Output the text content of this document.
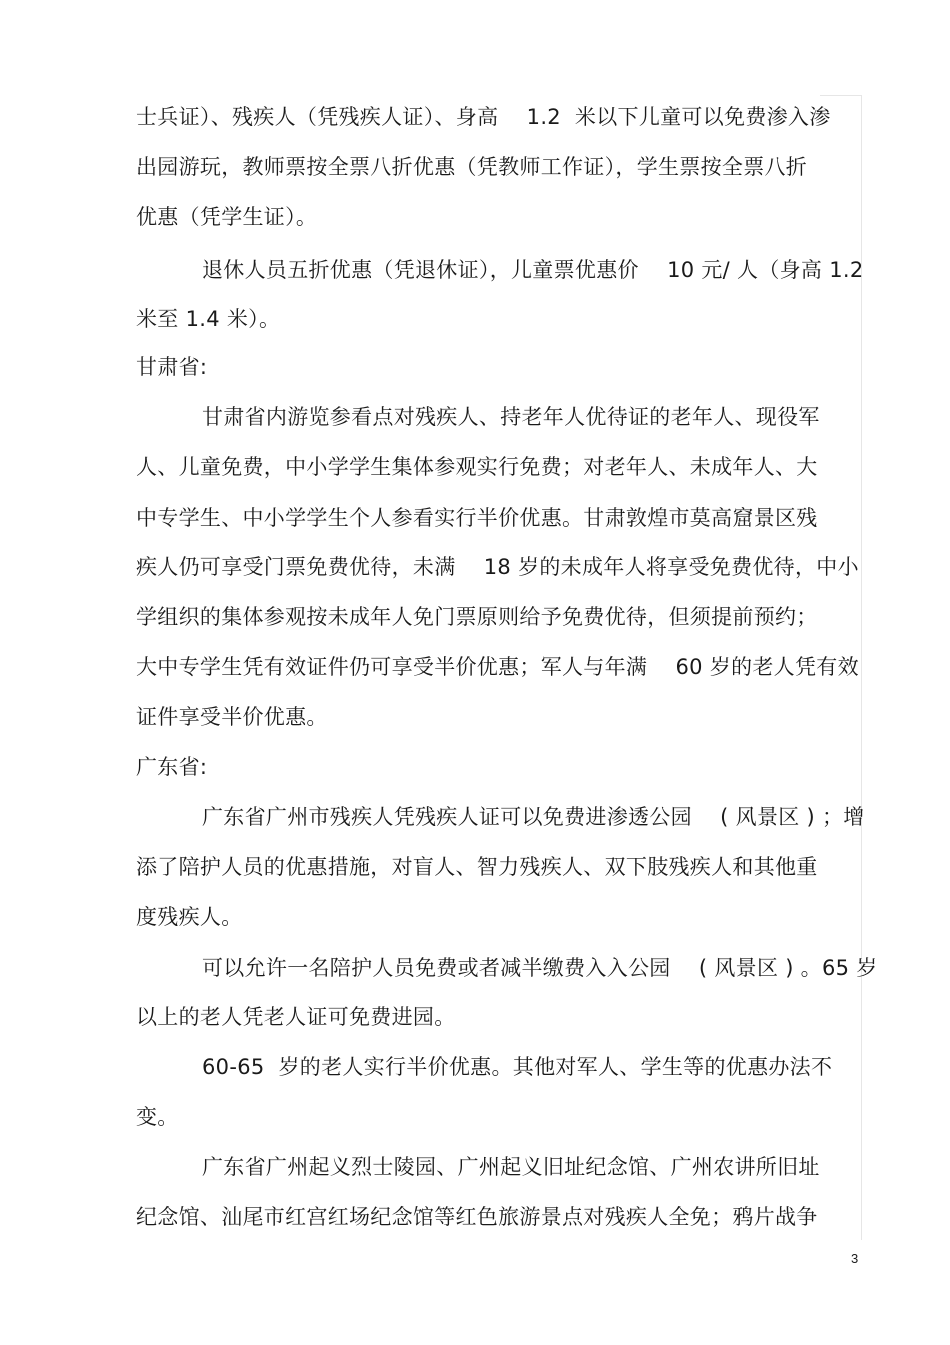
士兵证）、残疾人（凭残疾人证）、身高　 1.2  米以下儿童可以免费渗入渗
出园游玩，教师票按全票八折优惠（凭教师工作证），学生票按全票八折
优惠（凭学生证）。
退休人员五折优惠（凭退休证），儿童票优惠价　 10 元/ 人（身高 1.2
米至 1.4 米）。
甘肃省:
甘肃省内游览参看点对残疾人、持老年人优待证的老年人、现役军
人、儿童免费，中小学学生集体参观实行免费；对老年人、未成年人、大
中专学生、中小学学生个人参看实行半价优惠。甘肃敦煌市莫高窟景区残
疾人仍可享受门票免费优待，未满　 18 岁的未成年人将享受免费优待，中小
学组织的集体参观按未成年人免门票原则给予免费优待，但须提前预约；
大中专学生凭有效证件仍可享受半价优惠；军人与年满　 60 岁的老人凭有效
证件享受半价优惠。
广东省:
广东省广州市残疾人凭残疾人证可以免费进渗透公园　 ( 风景区 ) ；增
添了陪护人员的优惠措施，对盲人、智力残疾人、双下肢残疾人和其他重
度残疾人。
可以允许一名陪护人员免费或者减半缴费入入公园　 ( 风景区 ) 。65 岁
以上的老人凭老人证可免费进园。
60-65  岁的老人实行半价优惠。其他对军人、学生等的优惠办法不
变。
广东省广州起义烈士陵园、广州起义旧址纪念馆、广州农讲所旧址
纪念馆、汕尾市红宫红场纪念馆等红色旅游景点对残疾人全免；鸦片战争
3
